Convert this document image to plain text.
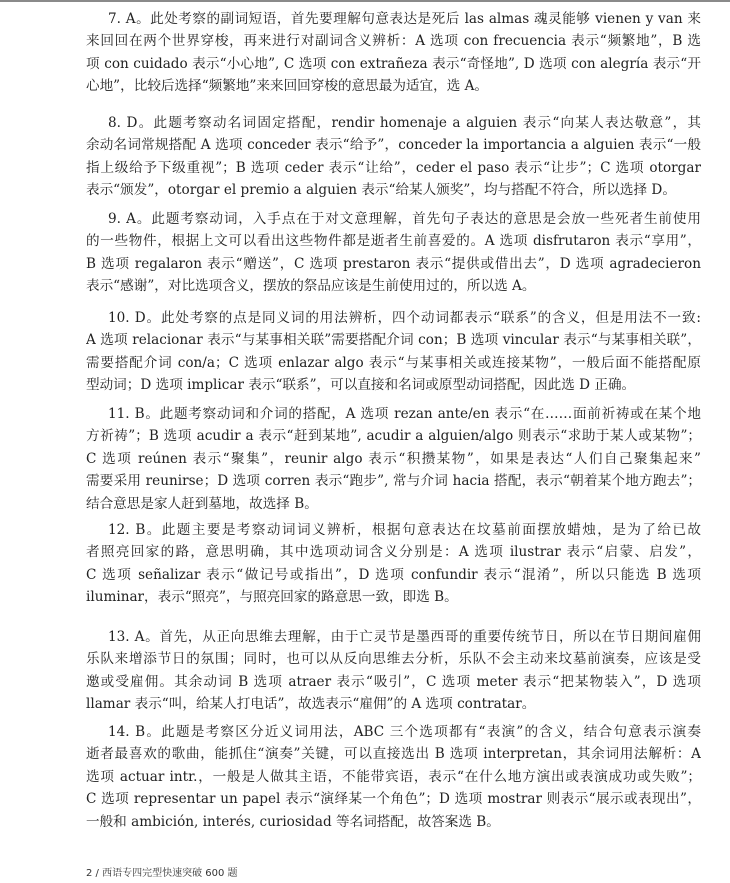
7. A。此处考察的副词短语，首先要理解句意表达是死后 las almas 魂灵能够 vienen y van 来
来回回在两个世界穿梭，再来进行对副词含义辨析：A 选项 con frecuencia 表示“频繁地”，B 选
项 con cuidado 表示“小心地”, C 选项 con extrañeza 表示“奇怪地”, D 选项 con alegría 表示“开
心地”，比较后选择“频繁地”来来回回穿梭的意思最为适宜，选 A。
8. D。此题考察动名词固定搭配，rendir homenaje a alguien 表示“向某人表达敬意”，其
余动名词常规搭配 A 选项 conceder 表示“给予”，conceder la importancia a alguien 表示“一般
指上级给予下级重视”；B 选项 ceder 表示“让给”，ceder el paso 表示“让步”；C 选项 otorgar
表示“颁发”，otorgar el premio a alguien 表示“给某人颁奖”，均与搭配不符合，所以选择 D。
9. A。此题考察动词，入手点在于对文意理解，首先句子表达的意思是会放一些死者生前使用
的一些物件，根据上文可以看出这些物件都是逝者生前喜爱的。A 选项 disfrutaron 表示“享用”，
B 选项 regalaron 表示“赠送”，C 选项 prestaron 表示“提供或借出去”，D 选项 agradecieron
表示“感谢”，对比选项含义，摆放的祭品应该是生前使用过的，所以选 A。
10. D。此处考察的点是同义词的用法辨析，四个动词都表示“联系”的含义，但是用法不一致:
A 选项 relacionar 表示“与某事相关联”需要搭配介词 con；B 选项 vincular 表示“与某事相关联”，
需要搭配介词 con/a；C 选项 enlazar algo 表示“与某事相关或连接某物”，一般后面不能搭配原
型动词；D 选项 implicar 表示“联系”，可以直接和名词或原型动词搭配，因此选 D 正确。
11. B。此题考察动词和介词的搭配，A 选项 rezan ante/en 表示“在……面前祈祷或在某个地
方祈祷”；B 选项 acudir a 表示“赶到某地”, acudir a alguien/algo 则表示“求助于某人或某物”；
C 选项 reúnen 表示“聚集”，reunir algo 表示“积攒某物”，如果是表达“人们自己聚集起来”
需要采用 reunirse；D 选项 corren 表示“跑步”, 常与介词 hacia 搭配，表示“朝着某个地方跑去”；
结合意思是家人赶到墓地，故选择 B。
12. B。此题主要是考察动词词义辨析，根据句意表达在坟墓前面摆放蜡烛，是为了给已故
者照亮回家的路，意思明确，其中选项动词含义分别是：A 选项 ilustrar 表示“启蒙、启发”，
C 选项 señalizar 表示“做记号或指出”，D 选项 confundir 表示“混淆”，所以只能选 B 选项
iluminar，表示“照亮”，与照亮回家的路意思一致，即选 B。
13. A。首先，从正向思维去理解，由于亡灵节是墨西哥的重要传统节日，所以在节日期间雇佣
乐队来增添节日的氛围；同时，也可以从反向思维去分析，乐队不会主动来坟墓前演奏，应该是受
邀或受雇佣。其余动词 B 选项 atraer 表示“吸引”，C 选项 meter 表示“把某物装入”，D 选项
llamar 表示“叫，给某人打电话”，故选表示“雇佣”的 A 选项 contratar。
14. B。此题是考察区分近义词用法，ABC 三个选项都有“表演”的含义，结合句意表示演奏
逝者最喜欢的歌曲，能抓住“演奏”关键，可以直接选出 B 选项 interpretan，其余词用法解析：A
选项 actuar intr.，一般是人做其主语，不能带宾语，表示“在什么地方演出或表演成功或失败”；
C 选项 representar un papel 表示“演绎某一个角色”；D 选项 mostrar 则表示“展示或表现出”，
一般和 ambición, interés, curiosidad 等名词搭配，故答案选 B。
2 / 西语专四完型快速突破 600 题
